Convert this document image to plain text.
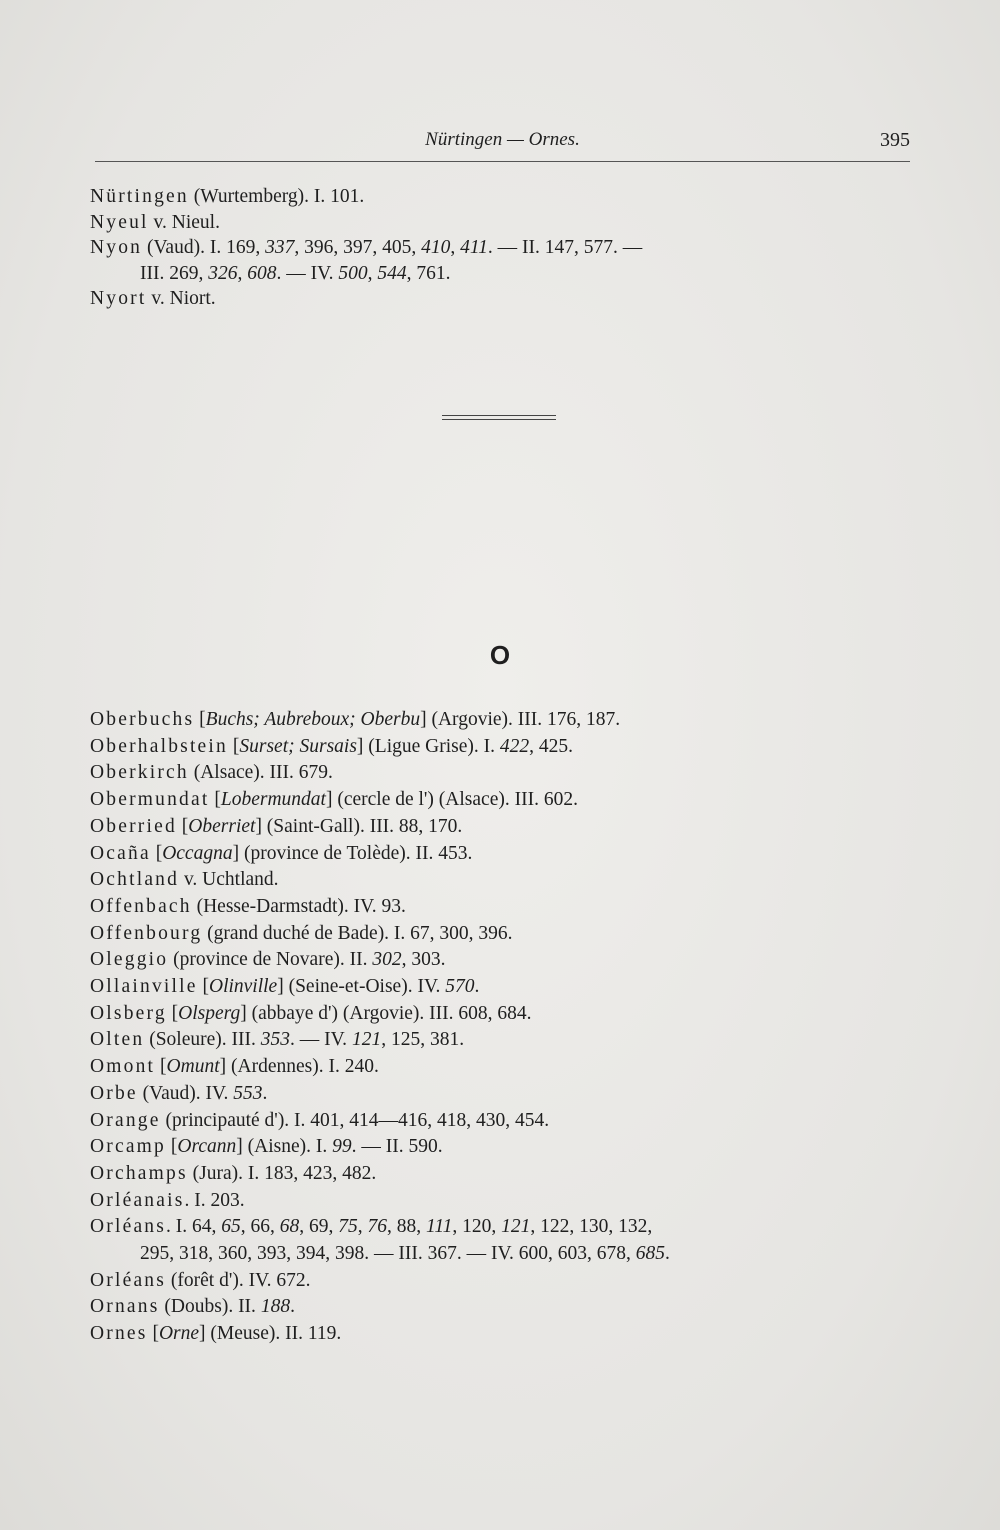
Nürtingen — Ornes.	395
Nürtingen (Wurtemberg). I. 101.
Nyeul v. Nieul.
Nyon (Vaud). I. 169, 337, 396, 397, 405, 410, 411. — II. 147, 577. —
III. 269, 326, 608. — IV. 500, 544, 761.
Nyort v. Niort.
O
Oberbuchs [Buchs; Aubreboux; Oberbu] (Argovie). III. 176, 187.
Oberhalbstein [Surset; Sursais] (Ligue Grise). I. 422, 425.
Oberkirch (Alsace). III. 679.
Obermundat [Lobermundat] (cercle de l') (Alsace). III. 602.
Oberried [Oberriet] (Saint-Gall). III. 88, 170.
Ocaña [Occagna] (province de Tolède). II. 453.
Ochtland v. Uchtland.
Offenbach (Hesse-Darmstadt). IV. 93.
Offenbourg (grand duché de Bade). I. 67, 300, 396.
Oleggio (province de Novare). II. 302, 303.
Ollainville [Olinville] (Seine-et-Oise). IV. 570.
Olsberg [Olsperg] (abbaye d') (Argovie). III. 608, 684.
Olten (Soleure). III. 353. — IV. 121, 125, 381.
Omont [Omunt] (Ardennes). I. 240.
Orbe (Vaud). IV. 553.
Orange (principauté d'). I. 401, 414—416, 418, 430, 454.
Orcamp [Orcann] (Aisne). I. 99. — II. 590.
Orchamps (Jura). I. 183, 423, 482.
Orléanais. I. 203.
Orléans. I. 64, 65, 66, 68, 69, 75, 76, 88, 111, 120, 121, 122, 130, 132,
295, 318, 360, 393, 394, 398. — III. 367. — IV. 600, 603, 678, 685.
Orléans (forêt d'). IV. 672.
Ornans (Doubs). II. 188.
Ornes [Orne] (Meuse). II. 119.
